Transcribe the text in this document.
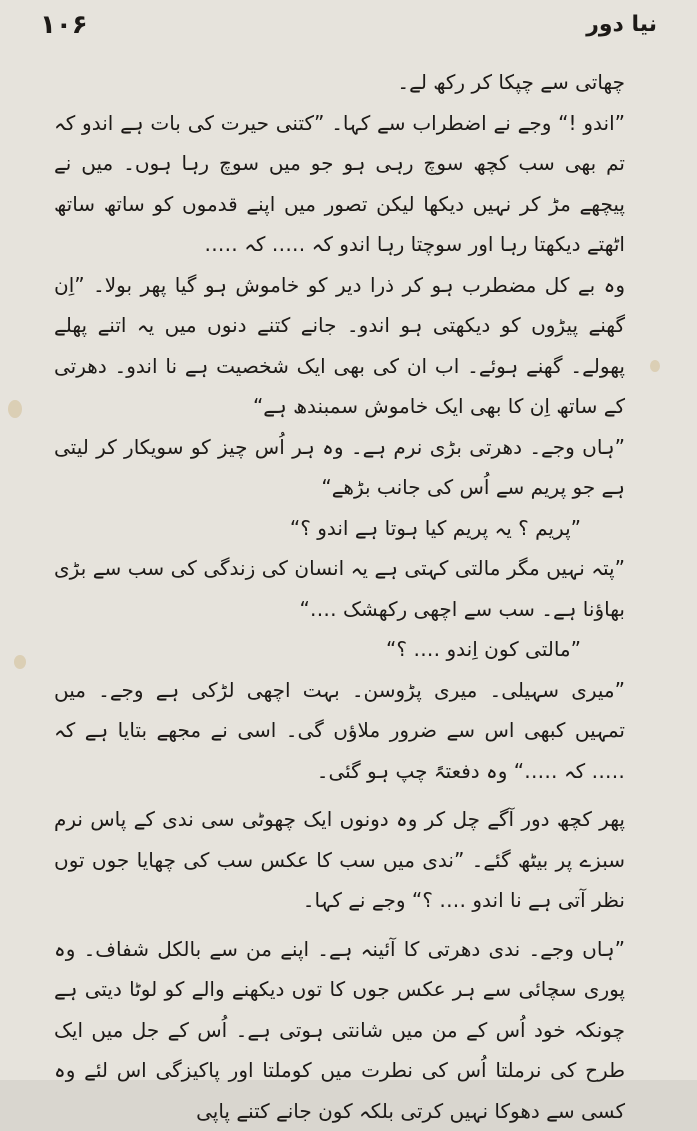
۱۰۶	نیا دور

چھاتی سے چپکا کر رکھ لے۔

”اندو !“ وجے نے اضطراب سے کہا۔ ”کتنی حیرت کی بات ہے اندو کہ تم بھی سب کچھ سوچ رہی ہو جو میں سوچ رہا ہوں۔ میں نے پیچھے مڑ کر نہیں دیکھا لیکن تصور میں اپنے قدموں کو ساتھ ساتھ اٹھتے دیکھتا رہا اور سوچتا رہا اندو کہ ․․․․․ کہ ․․․․․

وہ بے کل مضطرب ہو کر ذرا دیر کو خاموش ہو گیا پھر بولا۔ ”اِن گھنے پیڑوں کو دیکھتی ہو اندو۔ جانے کتنے دنوں میں یہ اتنے پھلے پھولے۔ گھنے ہوئے۔ اب ان کی بھی ایک شخصیت ہے نا اندو۔ دھرتی کے ساتھ اِن کا بھی ایک خاموش سمبندھ ہے“

”ہاں وجے۔ دھرتی بڑی نرم ہے۔ وہ ہر اُس چیز کو سویکار کر لیتی ہے جو پریم سے اُس کی جانب بڑھے“

”پریم ؟ یہ پریم کیا ہوتا ہے اندو ؟“

”پتہ نہیں مگر مالتی کہتی ہے یہ انسان کی زندگی کی سب سے بڑی بھاؤنا ہے۔ سب سے اچھی رکھشک ․․․․“

”مالتی کون اِندو ․․․․ ؟“

”میری سہیلی۔ میری پڑوسن۔ بہت اچھی لڑکی ہے وجے۔ میں تمہیں کبھی اس سے ضرور ملاؤں گی۔ اسی نے مجھے بتایا ہے کہ ․․․․․ کہ ․․․․․“ وہ دفعتہً چپ ہو گئی۔

پھر کچھ دور آگے چل کر وہ دونوں ایک چھوٹی سی ندی کے پاس نرم سبزے پر بیٹھ گئے۔ ”ندی میں سب کا عکس سب کی چھایا جوں توں نظر آتی ہے نا اندو ․․․․ ؟“ وجے نے کہا۔

”ہاں وجے۔ ندی دھرتی کا آئینہ ہے۔ اپنے من سے بالکل شفاف۔ وہ پوری سچائی سے ہر عکس جوں کا توں دیکھنے والے کو لوٹا دیتی ہے چونکہ خود اُس کے من میں شانتی ہوتی ہے۔ اُس کے جل میں ایک طرح کی نرملتا اُس کی نطرت میں کوملتا اور پاکیزگی اس لئے وہ کسی سے دھوکا نہیں کرتی بلکہ کون جانے کتنے پاپی
